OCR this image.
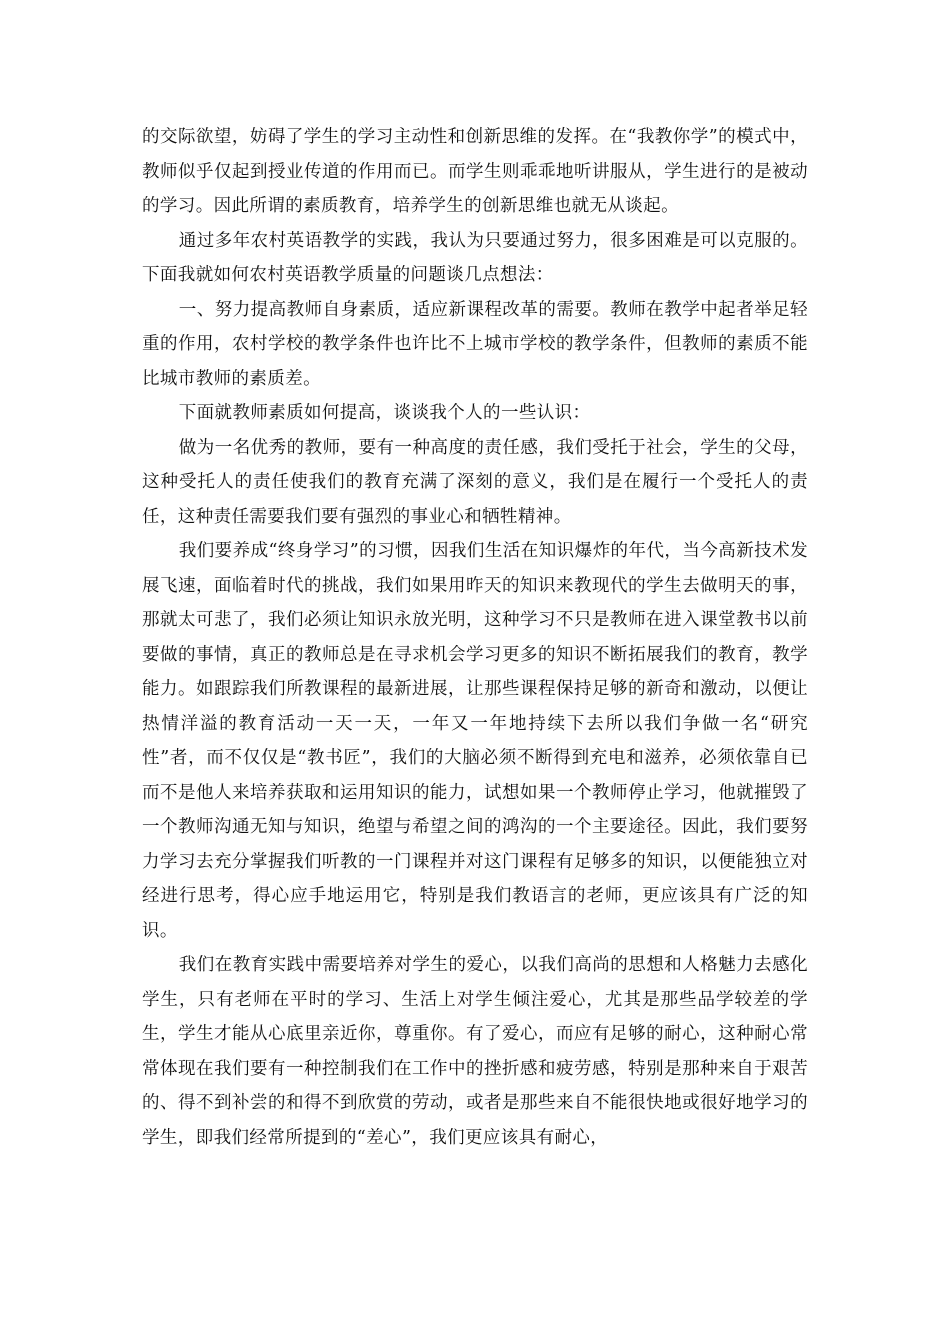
的交际欲望，妨碍了学生的学习主动性和创新思维的发挥。在“我教你学”的模式中，教师似乎仅起到授业传道的作用而已。而学生则乖乖地听讲服从，学生进行的是被动的学习。因此所谓的素质教育，培养学生的创新思维也就无从谈起。

通过多年农村英语教学的实践，我认为只要通过努力，很多困难是可以克服的。下面我就如何农村英语教学质量的问题谈几点想法：

一、努力提高教师自身素质，适应新课程改革的需要。教师在教学中起者举足轻重的作用，农村学校的教学条件也许比不上城市学校的教学条件，但教师的素质不能比城市教师的素质差。

下面就教师素质如何提高，谈谈我个人的一些认识：

做为一名优秀的教师，要有一种高度的责任感，我们受托于社会，学生的父母，这种受托人的责任使我们的教育充满了深刻的意义，我们是在履行一个受托人的责任，这种责任需要我们要有强烈的事业心和牺牲精神。

我们要养成“终身学习”的习惯，因我们生活在知识爆炸的年代，当今高新技术发展飞速，面临着时代的挑战，我们如果用昨天的知识来教现代的学生去做明天的事，那就太可悲了，我们必须让知识永放光明，这种学习不只是教师在进入课堂教书以前要做的事情，真正的教师总是在寻求机会学习更多的知识不断拓展我们的教育，教学能力。如跟踪我们所教课程的最新进展，让那些课程保持足够的新奇和激动，以便让热情洋溢的教育活动一天一天，一年又一年地持续下去所以我们争做一名“研究性”者，而不仅仅是“教书匠”，我们的大脑必须不断得到充电和滋养，必须依靠自已而不是他人来培养获取和运用知识的能力，试想如果一个教师停止学习，他就摧毁了一个教师沟通无知与知识，绝望与希望之间的鸿沟的一个主要途径。因此，我们要努力学习去充分掌握我们听教的一门课程并对这门课程有足够多的知识，以便能独立对经进行思考，得心应手地运用它，特别是我们教语言的老师，更应该具有广泛的知识。

我们在教育实践中需要培养对学生的爱心，以我们高尚的思想和人格魅力去感化学生，只有老师在平时的学习、生活上对学生倾注爱心，尤其是那些品学较差的学生，学生才能从心底里亲近你，尊重你。有了爱心，而应有足够的耐心，这种耐心常常体现在我们要有一种控制我们在工作中的挫折感和疲劳感，特别是那种来自于艰苦的、得不到补尝的和得不到欣赏的劳动，或者是那些来自不能很快地或很好地学习的学生，即我们经常所提到的“差心”，我们更应该具有耐心，
